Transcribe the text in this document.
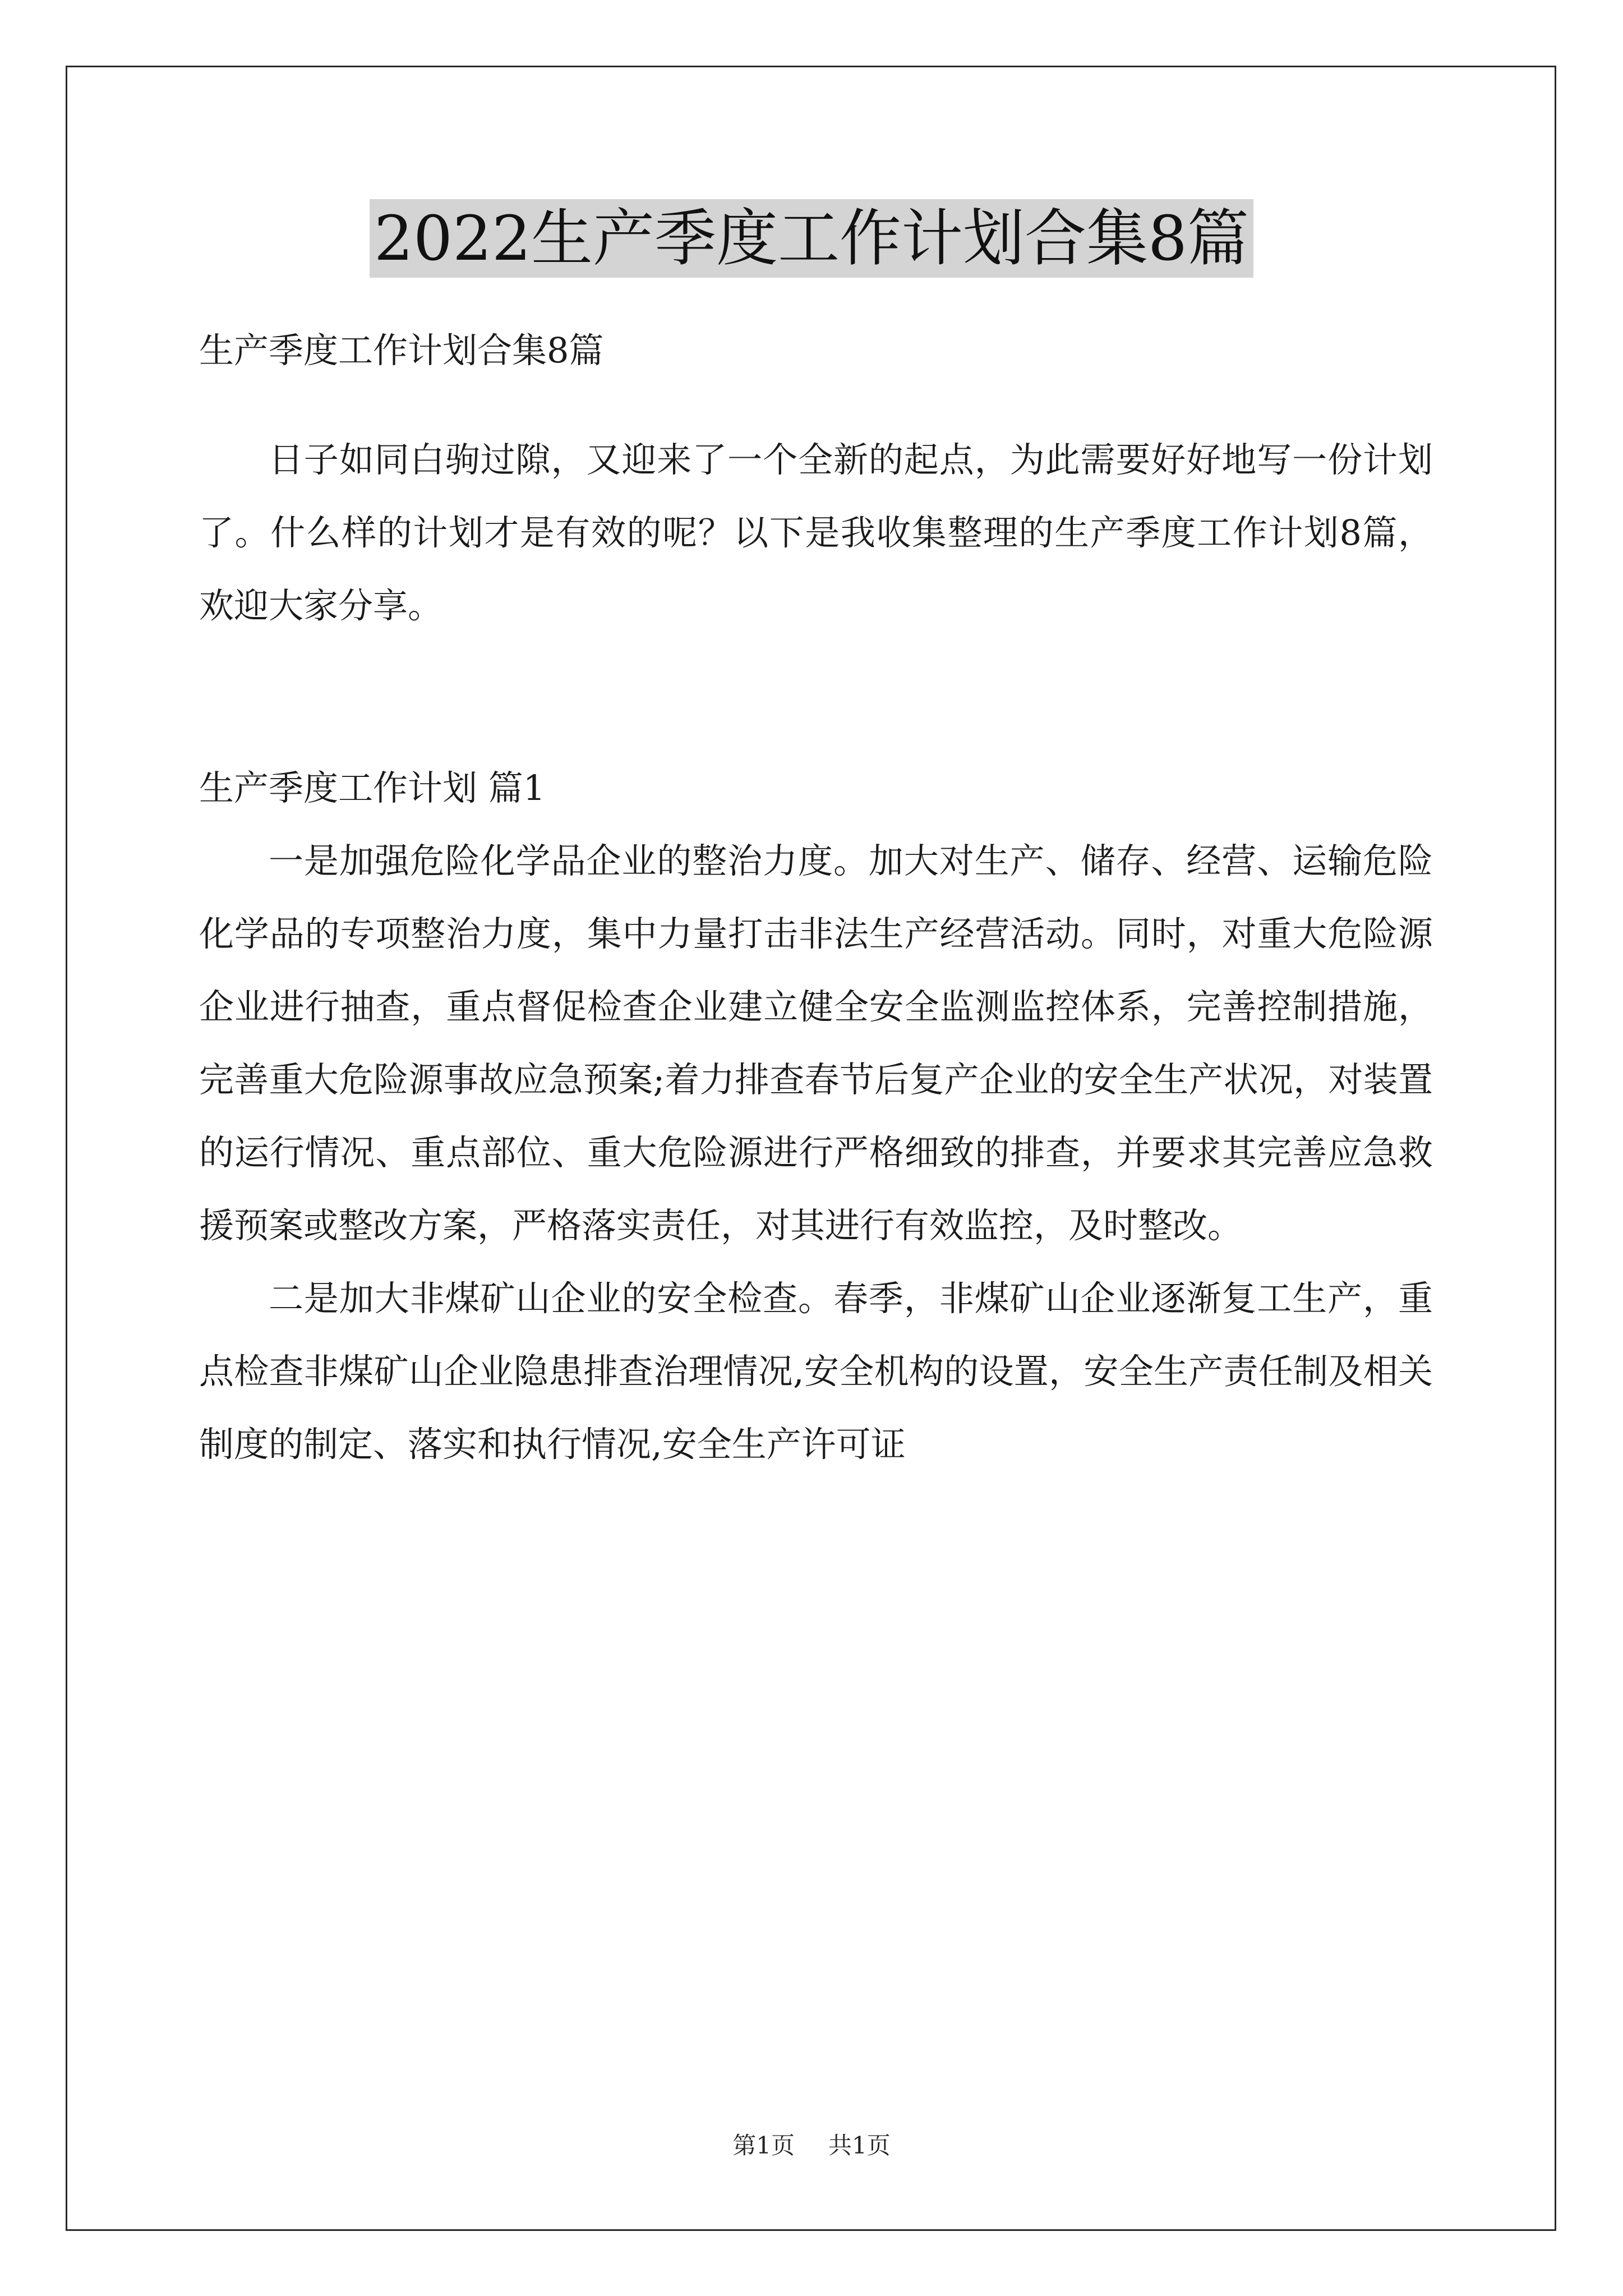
2022生产季度工作计划合集8篇

生产季度工作计划合集8篇

日子如同白驹过隙，又迎来了一个全新的起点，为此需要好好地写一份计划了。什么样的计划才是有效的呢？以下是我收集整理的生产季度工作计划8篇，欢迎大家分享。

生产季度工作计划 篇1

一是加强危险化学品企业的整治力度。加大对生产、储存、经营、运输危险化学品的专项整治力度，集中力量打击非法生产经营活动。同时，对重大危险源企业进行抽查，重点督促检查企业建立健全安全监测监控体系，完善控制措施，完善重大危险源事故应急预案;着力排查春节后复产企业的安全生产状况，对装置的运行情况、重点部位、重大危险源进行严格细致的排查，并要求其完善应急救援预案或整改方案，严格落实责任，对其进行有效监控，及时整改。

二是加大非煤矿山企业的安全检查。春季，非煤矿山企业逐渐复工生产，重点检查非煤矿山企业隐患排查治理情况,安全机构的设置，安全生产责任制及相关制度的制定、落实和执行情况,安全生产许可证

第1页 共1页
